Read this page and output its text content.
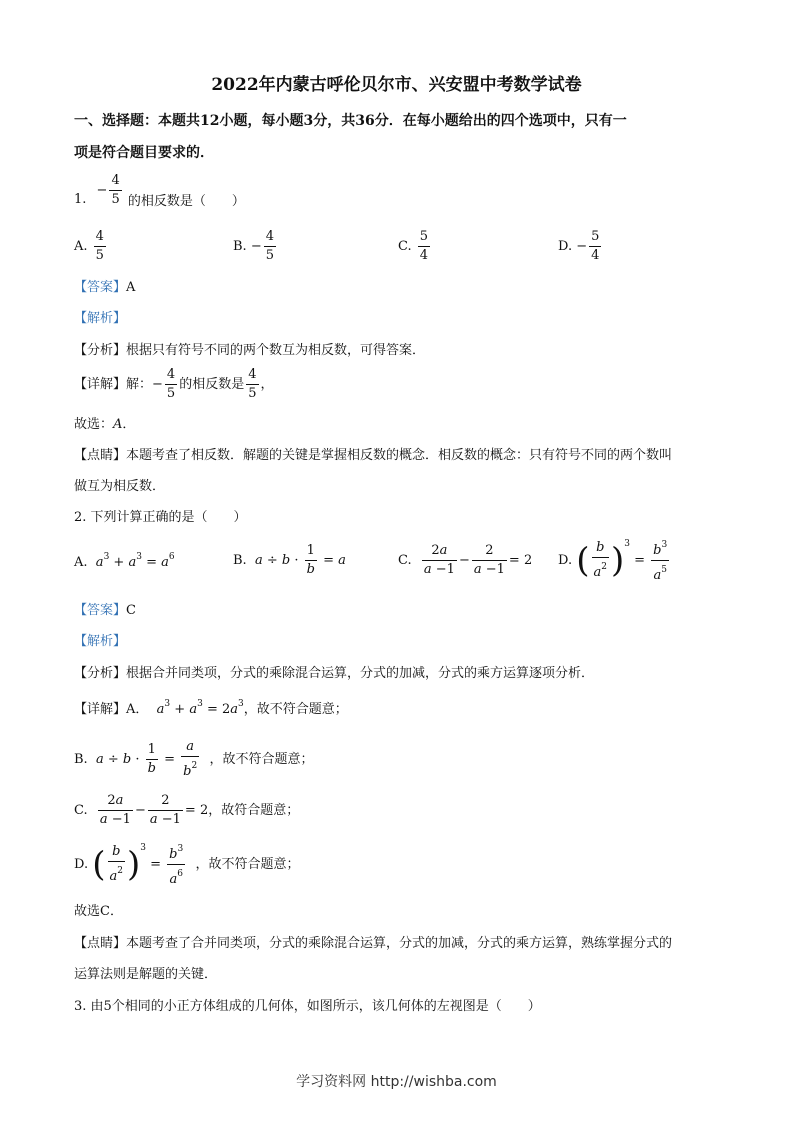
2022年内蒙古呼伦贝尔市、兴安盟中考数学试卷
一、选择题：本题共12小题，每小题3分，共36分．在每小题给出的四个选项中，只有一
项是符合题目要求的．
1. − $\frac{4}{5}$ 的相反数是（　　）
A. $\frac{4}{5}$	B. − $\frac{4}{5}$	C. $\frac{5}{4}$	D. − $\frac{5}{4}$
【答案】A
【解析】
【分析】根据只有符号不同的两个数互为相反数，可得答案．
【详解】解：− $\frac{4}{5}$ 的相反数是 $\frac{4}{5}$ ，
故选：A．
【点睛】本题考查了相反数．解题的关键是掌握相反数的概念．相反数的概念：只有符号不同的两个数叫
做互为相反数．
2. 下列计算正确的是（　　）
A.  $a^3 + a^3 = a^6$	B.  $a \div b \cdot \frac{1}{b} = a$	C. $\frac{2a}{a -1} - \frac{2}{a -1} = 2$ D. ( $\frac{b}{a^2} )^3 = \frac{b^3}{a^5}$
【答案】C
【解析】
【分析】根据合并同类项，分式的乘除混合运算，分式的加减，分式的乘方运算逐项分析．
【详解】A． $a^3 + a^3 = 2a^3$，故不符合题意；
B.  $a \div b \cdot \frac{1}{b} = \frac{a}{b^2}$ ，故不符合题意；
C. $\frac{2a}{a -1} - \frac{2}{a -1} = 2$，故符合题意；
D. ( $\frac{b}{a^2} )^3 = \frac{b^3}{a^6}$ ，故不符合题意；
故选C．
【点睛】本题考查了合并同类项，分式的乘除混合运算，分式的加减，分式的乘方运算，熟练掌握分式的
运算法则是解题的关键．
3. 由5个相同的小正方体组成的几何体，如图所示，该几何体的左视图是（　　）
学习资料网 http://wishba.com
